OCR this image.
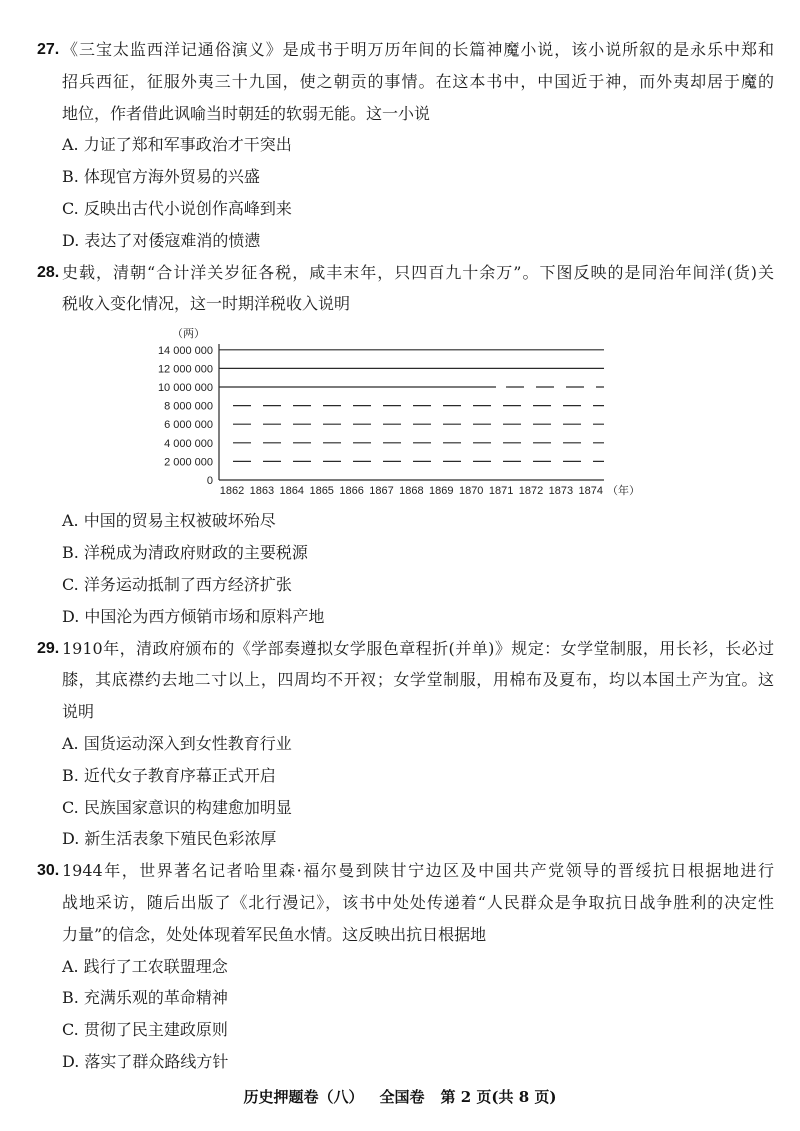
27. 《三宝太监西洋记通俗演义》是成书于明万历年间的长篇神魔小说，该小说所叙的是永乐中郑和
招兵西征，征服外夷三十九国，使之朝贡的事情。在这本书中，中国近于神，而外夷却居于魔的
地位，作者借此讽喻当时朝廷的软弱无能。这一小说
A. 力证了郑和军事政治才干突出
B. 体现官方海外贸易的兴盛
C. 反映出古代小说创作高峰到来
D. 表达了对倭寇难消的愤懑
28. 史载，清朝“合计洋关岁征各税，咸丰末年，只四百九十余万”。下图反映的是同治年间洋(货)关
税收入变化情况，这一时期洋税收入说明
（两）
（年）
0
2 000 000
4 000 000
6 000 000
8 000 000
10 000 000
12 000 000
14 000 000
1862 1863 1864 1865 1866 1867 1868 1869 1870 1871 1872 1873 1874
A. 中国的贸易主权被破坏殆尽
B. 洋税成为清政府财政的主要税源
C. 洋务运动抵制了西方经济扩张
D. 中国沦为西方倾销市场和原料产地
29. 1910年，清政府颁布的《学部奏遵拟女学服色章程折(并单)》规定：女学堂制服，用长衫，长必过
膝，其底襟约去地二寸以上，四周均不开衩；女学堂制服，用棉布及夏布，均以本国土产为宜。这
说明
A. 国货运动深入到女性教育行业
B. 近代女子教育序幕正式开启
C. 民族国家意识的构建愈加明显
D. 新生活表象下殖民色彩浓厚
30. 1944年，世界著名记者哈里森·福尔曼到陕甘宁边区及中国共产党领导的晋绥抗日根据地进行
战地采访，随后出版了《北行漫记》，该书中处处传递着“人民群众是争取抗日战争胜利的决定性
力量”的信念，处处体现着军民鱼水情。这反映出抗日根据地
A. 践行了工农联盟理念
B. 充满乐观的革命精神
C. 贯彻了民主建政原则
D. 落实了群众路线方针
历史押题卷（八） 全国卷 第 2 页(共 8 页)
